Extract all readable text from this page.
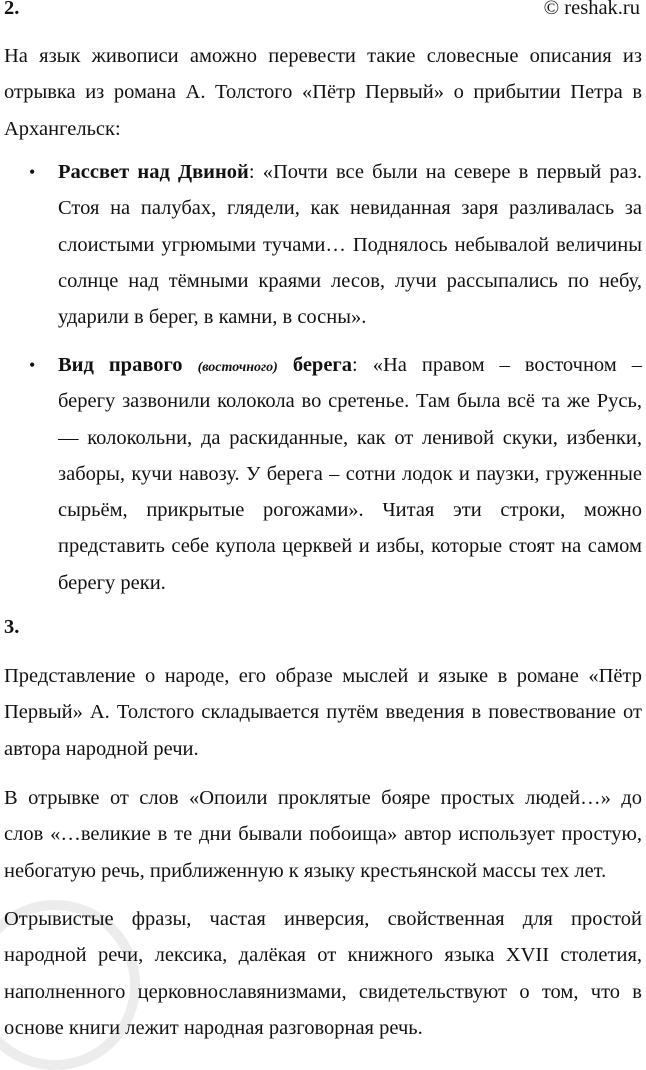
2.	© reshak.ru
На язык живописи аможно перевести такие словесные описания из
отрывка из романа А. Толстого «Пётр Первый» о прибытии Петра в
Архангельск:
• Рассвет над Двиной: «Почти все были на севере в первый раз.
Стоя на палубах, глядели, как невиданная заря разливалась за
слоистыми угрюмыми тучами… Поднялось небывалой величины
солнце над тёмными краями лесов, лучи рассыпались по небу,
ударили в берег, в камни, в сосны».
• Вид правого (восточного) берега: «На правом – восточном –
берегу зазвонили колокола во сретенье. Там была всё та же Русь,
— колокольни, да раскиданные, как от ленивой скуки, избенки,
заборы, кучи навозу. У берега – сотни лодок и паузки, груженные
сырьём, прикрытые рогожами». Читая эти строки, можно
представить себе купола церквей и избы, которые стоят на самом
берегу реки.
3.
Представление о народе, его образе мыслей и языке в романе «Пётр
Первый» А. Толстого складывается путём введения в повествование от
автора народной речи.
В отрывке от слов «Опоили проклятые бояре простых людей…» до
слов «…великие в те дни бывали побоища» автор использует простую,
небогатую речь, приближенную к языку крестьянской массы тех лет.
Отрывистые фразы, частая инверсия, свойственная для простой
народной речи, лексика, далёкая от книжного языка XVII столетия,
наполненного церковнославянизмами, свидетельствуют о том, что в
основе книги лежит народная разговорная речь.
